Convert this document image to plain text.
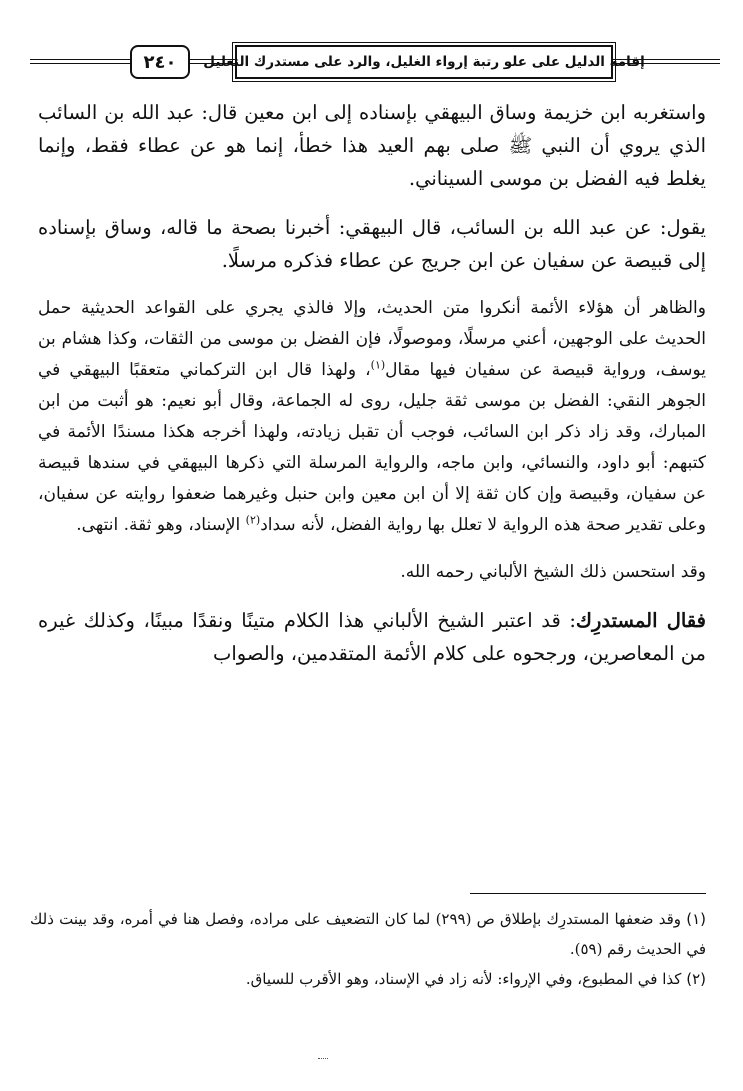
٢٤٠	إقامة الدليل على علو رتبة إرواء الغليل، والرد على مستدرك التعليل

واستغربه ابن خزيمة وساق البيهقي بإسناده إلى ابن معين قال: عبد الله بن السائب الذي يروي أن النبي ﷺ صلى بهم العيد هذا خطأ، إنما هو عن عطاء فقط، وإنما يغلط فيه الفضل بن موسى السيناني.

يقول: عن عبد الله بن السائب، قال البيهقي: أخبرنا بصحة ما قاله، وساق بإسناده إلى قبيصة عن سفيان عن ابن جريج عن عطاء فذكره مرسلًا.

والظاهر أن هؤلاء الأئمة أنكروا متن الحديث، وإلا فالذي يجري على القواعد الحديثية حمل الحديث على الوجهين، أعني مرسلًا، وموصولًا، فإن الفضل بن موسى من الثقات، وكذا هشام بن يوسف، ورواية قبيصة عن سفيان فيها مقال$^{(١)}$، ولهذا قال ابن التركماني متعقبًا البيهقي في الجوهر النقي: الفضل بن موسى ثقة جليل، روى له الجماعة، وقال أبو نعيم: هو أثبت من ابن المبارك، وقد زاد ذكر ابن السائب، فوجب أن تقبل زيادته، ولهذا أخرجه هكذا مسندًا الأئمة في كتبهم: أبو داود، والنسائي، وابن ماجه، والرواية المرسلة التي ذكرها البيهقي في سندها قبيصة عن سفيان، وقبيصة وإن كان ثقة إلا أن ابن معين وابن حنبل وغيرهما ضعفوا روايته عن سفيان، وعلى تقدير صحة هذه الرواية لا تعلل بها رواية الفضل، لأنه سداد$^{(٢)}$ الإسناد، وهو ثقة. انتهى.

وقد استحسن ذلك الشيخ الألباني رحمه الله.

فقال المستدرِك: قد اعتبر الشيخ الألباني هذا الكلام متينًا ونقدًا مبينًا، وكذلك غيره من المعاصرين، ورجحوه على كلام الأئمة المتقدمين، والصواب

(١) وقد ضعفها المستدرِك بإطلاق ص (٢٩٩) لما كان التضعيف على مراده، وفصل هنا في أمره، وقد بينت ذلك في الحديث رقم (٥٩).

(٢) كذا في المطبوع، وفي الإرواء: لأنه زاد في الإسناد، وهو الأقرب للسياق.
